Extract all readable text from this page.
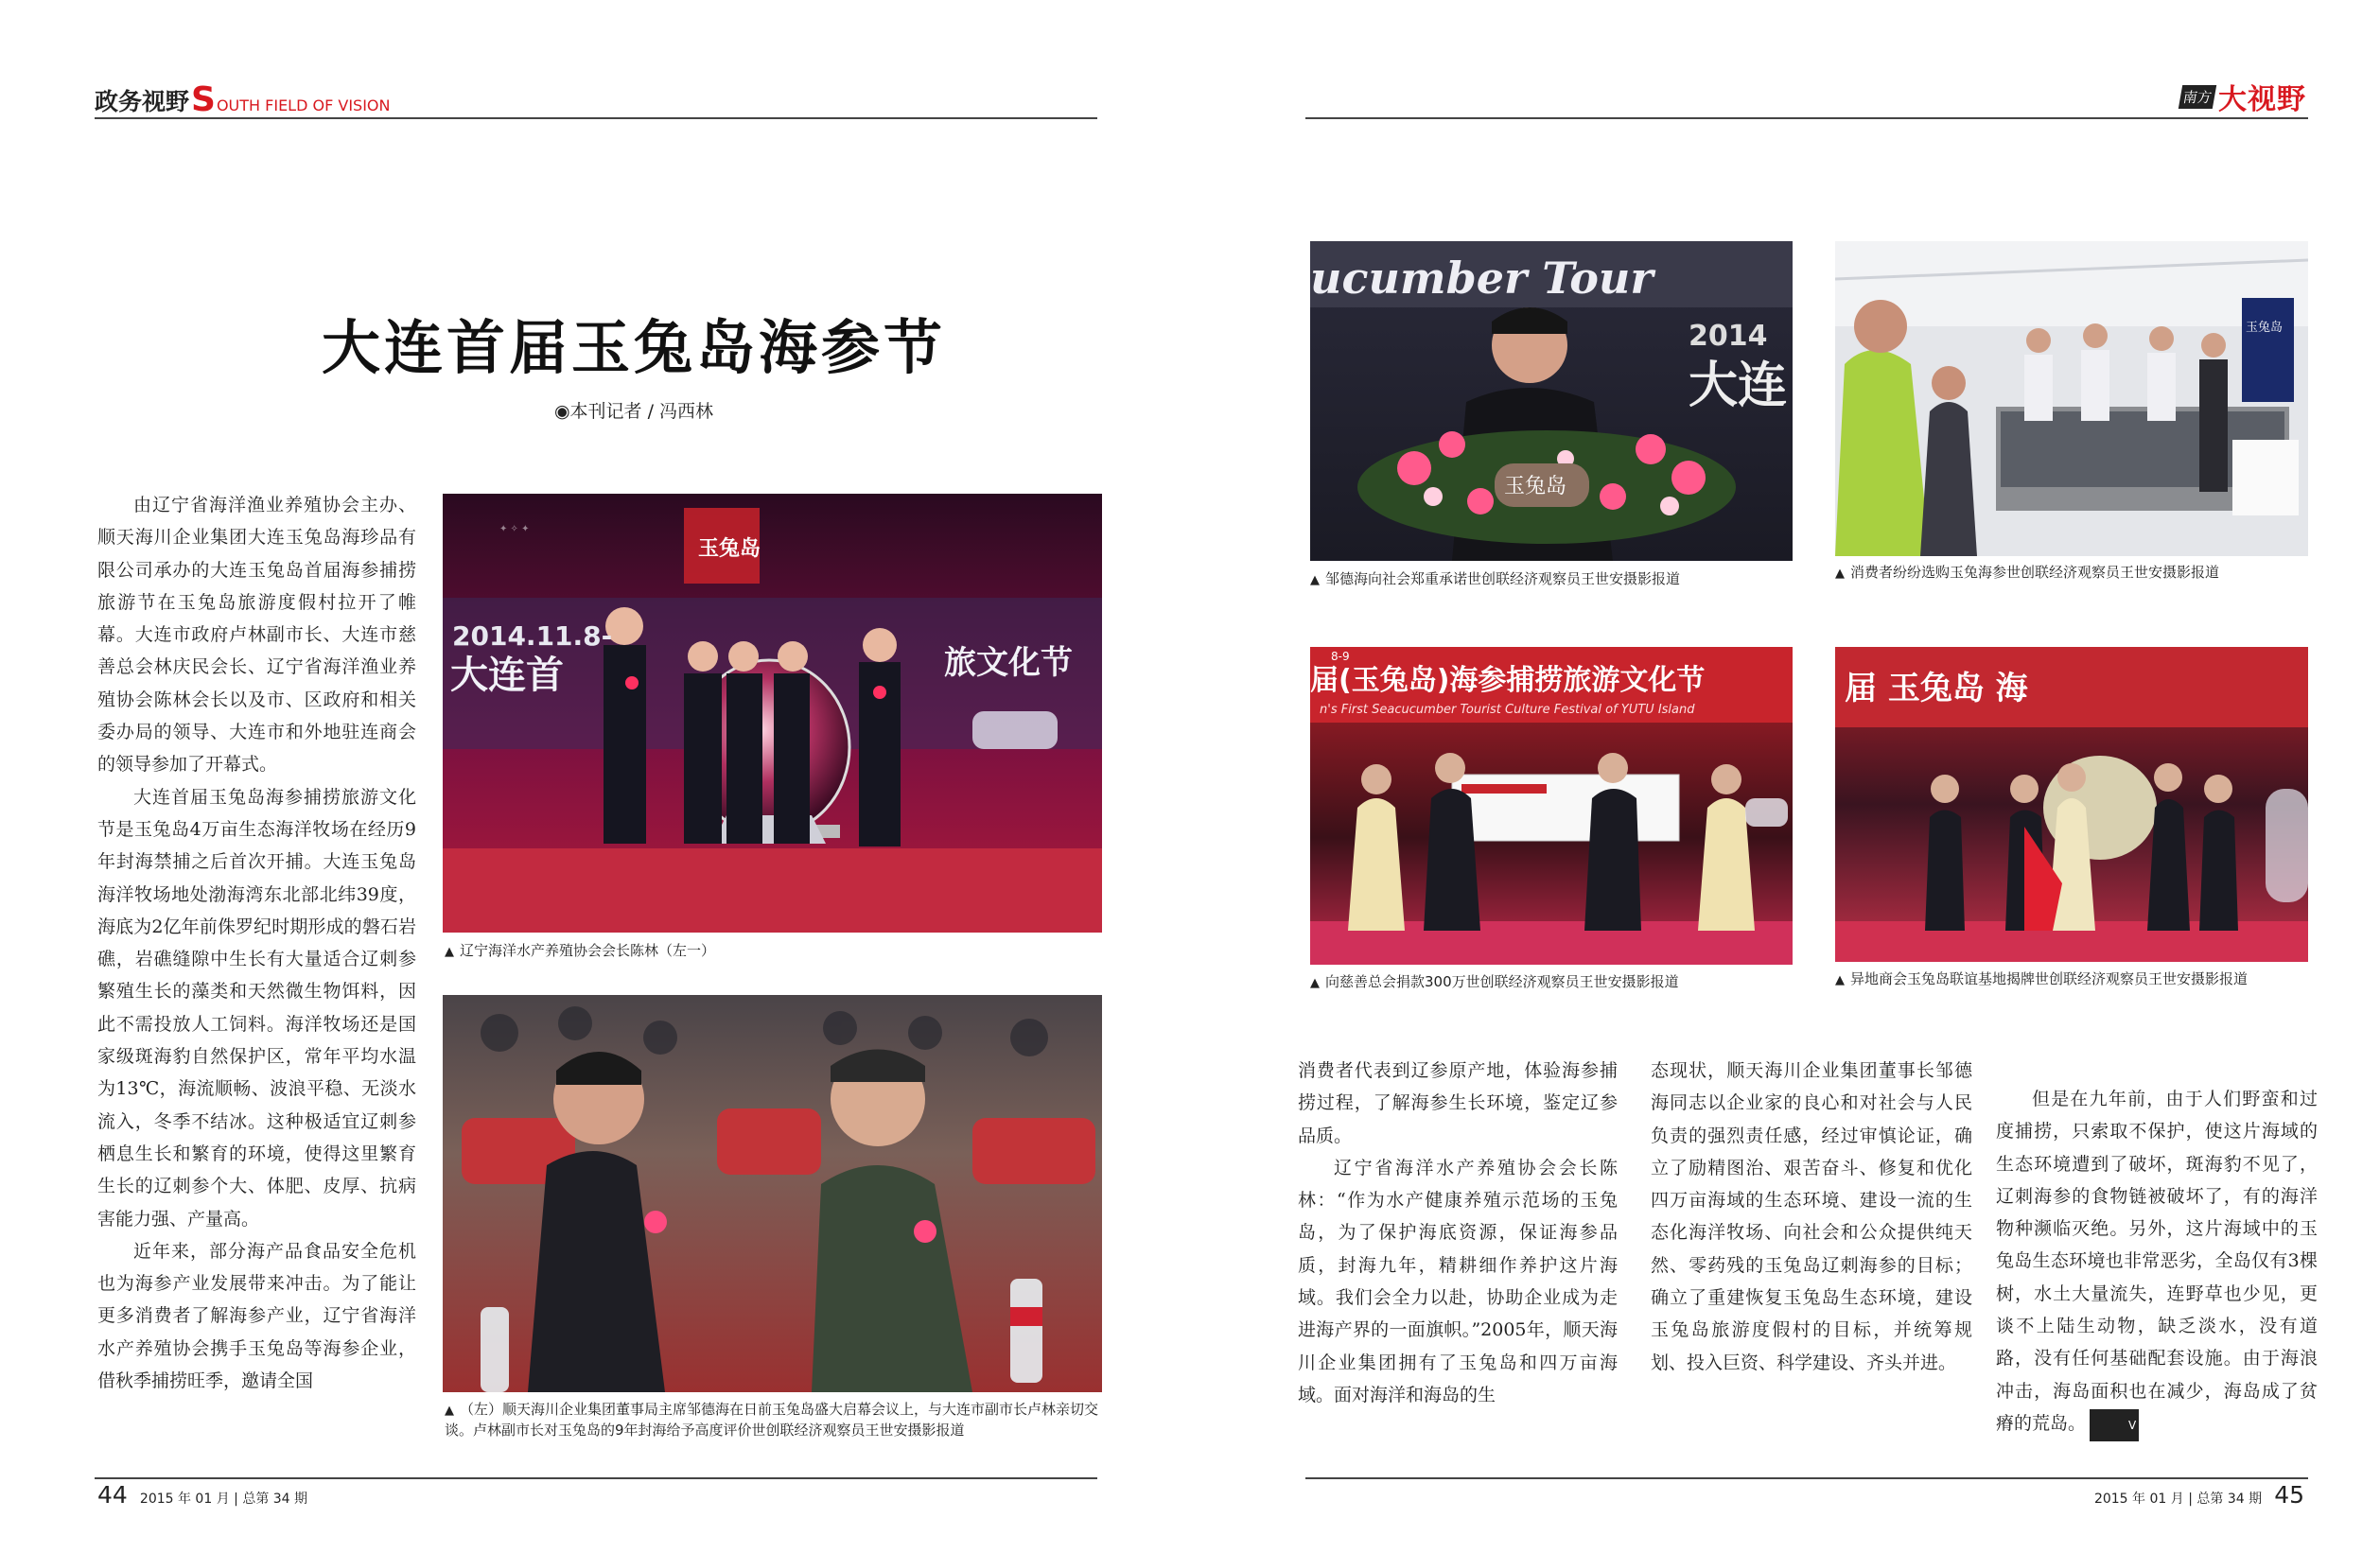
政务视野 S OUTH FIELD OF VISION	南方 大视野
大连首届玉兔岛海参节
◉本刊记者 / 冯西林

由辽宁省海洋渔业养殖协会主办、顺天海川企业集团大连玉兔岛海珍品有限公司承办的大连玉兔岛首届海参捕捞旅游节在玉兔岛旅游度假村拉开了帷幕。大连市政府卢林副市长、大连市慈善总会林庆民会长、辽宁省海洋渔业养殖协会陈林会长以及市、区政府和相关委办局的领导、大连市和外地驻连商会的领导参加了开幕式。

大连首届玉兔岛海参捕捞旅游文化节是玉兔岛4万亩生态海洋牧场在经历9年封海禁捕之后首次开捕。大连玉兔岛海洋牧场地处渤海湾东北部北纬39度，海底为2亿年前侏罗纪时期形成的磐石岩礁，岩礁缝隙中生长有大量适合辽刺参繁殖生长的藻类和天然微生物饵料，因此不需投放人工饲料。海洋牧场还是国家级斑海豹自然保护区，常年平均水温为13℃，海流顺畅、波浪平稳、无淡水流入，冬季不结冰。这种极适宜辽刺参栖息生长和繁育的环境，使得这里繁育生长的辽刺参个大、体肥、皮厚、抗病害能力强、产量高。

近年来，部分海产品食品安全危机也为海参产业发展带来冲击。为了能让更多消费者了解海参产业，辽宁省海洋水产养殖协会携手玉兔岛等海参企业，借秋季捕捞旺季，邀请全国

✦ ✧ ✦
玉兔岛
2014.11.8-
大连首	旅文化节
▲ 辽宁海洋水产养殖协会会长陈林（左一）
▲ （左）顺天海川企业集团董事局主席邹德海在日前玉兔岛盛大启幕会议上，与大连市副市长卢林亲切交谈。卢林副市长对玉兔岛的9年封海给予高度评价世创联经济观察员王世安摄影报道
ucumber Tour
2014
大连
玉兔岛
▲ 邹德海向社会郑重承诺世创联经济观察员王世安摄影报道
玉兔岛
▲ 消费者纷纷选购玉兔海参世创联经济观察员王世安摄影报道
8-9
届(玉兔岛)海参捕捞旅游文化节
n's First Seacucumber Tourist Culture Festival of YUTU Island
▲ 向慈善总会捐款300万世创联经济观察员王世安摄影报道
届 玉兔岛 海
▲ 异地商会玉兔岛联谊基地揭牌世创联经济观察员王世安摄影报道

消费者代表到辽参原产地，体验海参捕捞过程，了解海参生长环境，鉴定辽参品质。

辽宁省海洋水产养殖协会会长陈林：“作为水产健康养殖示范场的玉兔岛，为了保护海底资源，保证海参品质，封海九年，精耕细作养护这片海域。我们会全力以赴，协助企业成为走进海产界的一面旗帜。”2005年，顺天海川企业集团拥有了玉兔岛和四万亩海域。面对海洋和海岛的生

态现状，顺天海川企业集团董事长邹德海同志以企业家的良心和对社会与人民负责的强烈责任感，经过审慎论证，确立了励精图治、艰苦奋斗、修复和优化四万亩海域的生态环境、建设一流的生态化海洋牧场、向社会和公众提供纯天然、零药残的玉兔岛辽刺海参的目标；确立了重建恢复玉兔岛生态环境，建设玉兔岛旅游度假村的目标，并统筹规划、投入巨资、科学建设、齐头并进。

但是在九年前，由于人们野蛮和过度捕捞，只索取不保护，使这片海域的生态环境遭到了破坏，斑海豹不见了，辽刺海参的食物链被破坏了，有的海洋物种濒临灭绝。另外，这片海域中的玉兔岛生态环境也非常恶劣，全岛仅有3棵树，水土大量流失，连野草也少见，更谈不上陆生动物，缺乏淡水，没有道路，没有任何基础配套设施。由于海浪冲击，海岛面积也在减少，海岛成了贫瘠的荒岛。	V

44 2015 年 01 月 | 总第 34 期	2015 年 01 月 | 总第 34 期 45
